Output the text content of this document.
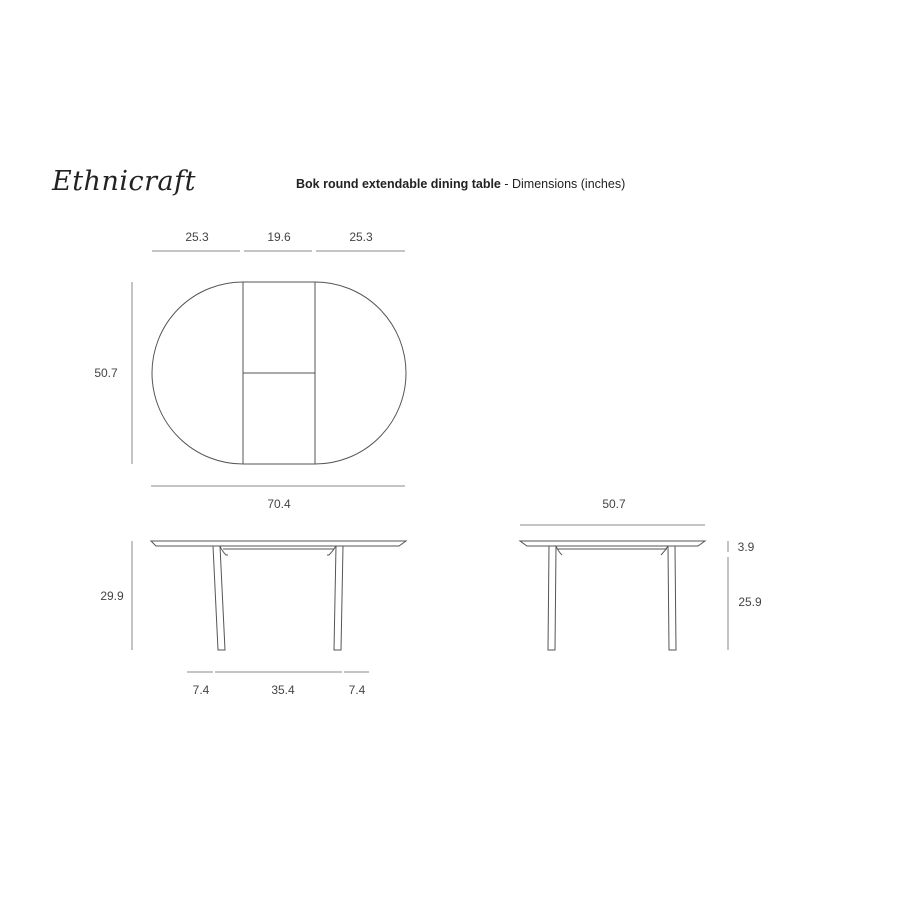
Ethnicraft	Bok round extendable dining table - Dimensions (inches)
25.3	19.6	25.3
50.7
70.4
29.9
7.4	35.4	7.4
50.7
3.9
25.9
